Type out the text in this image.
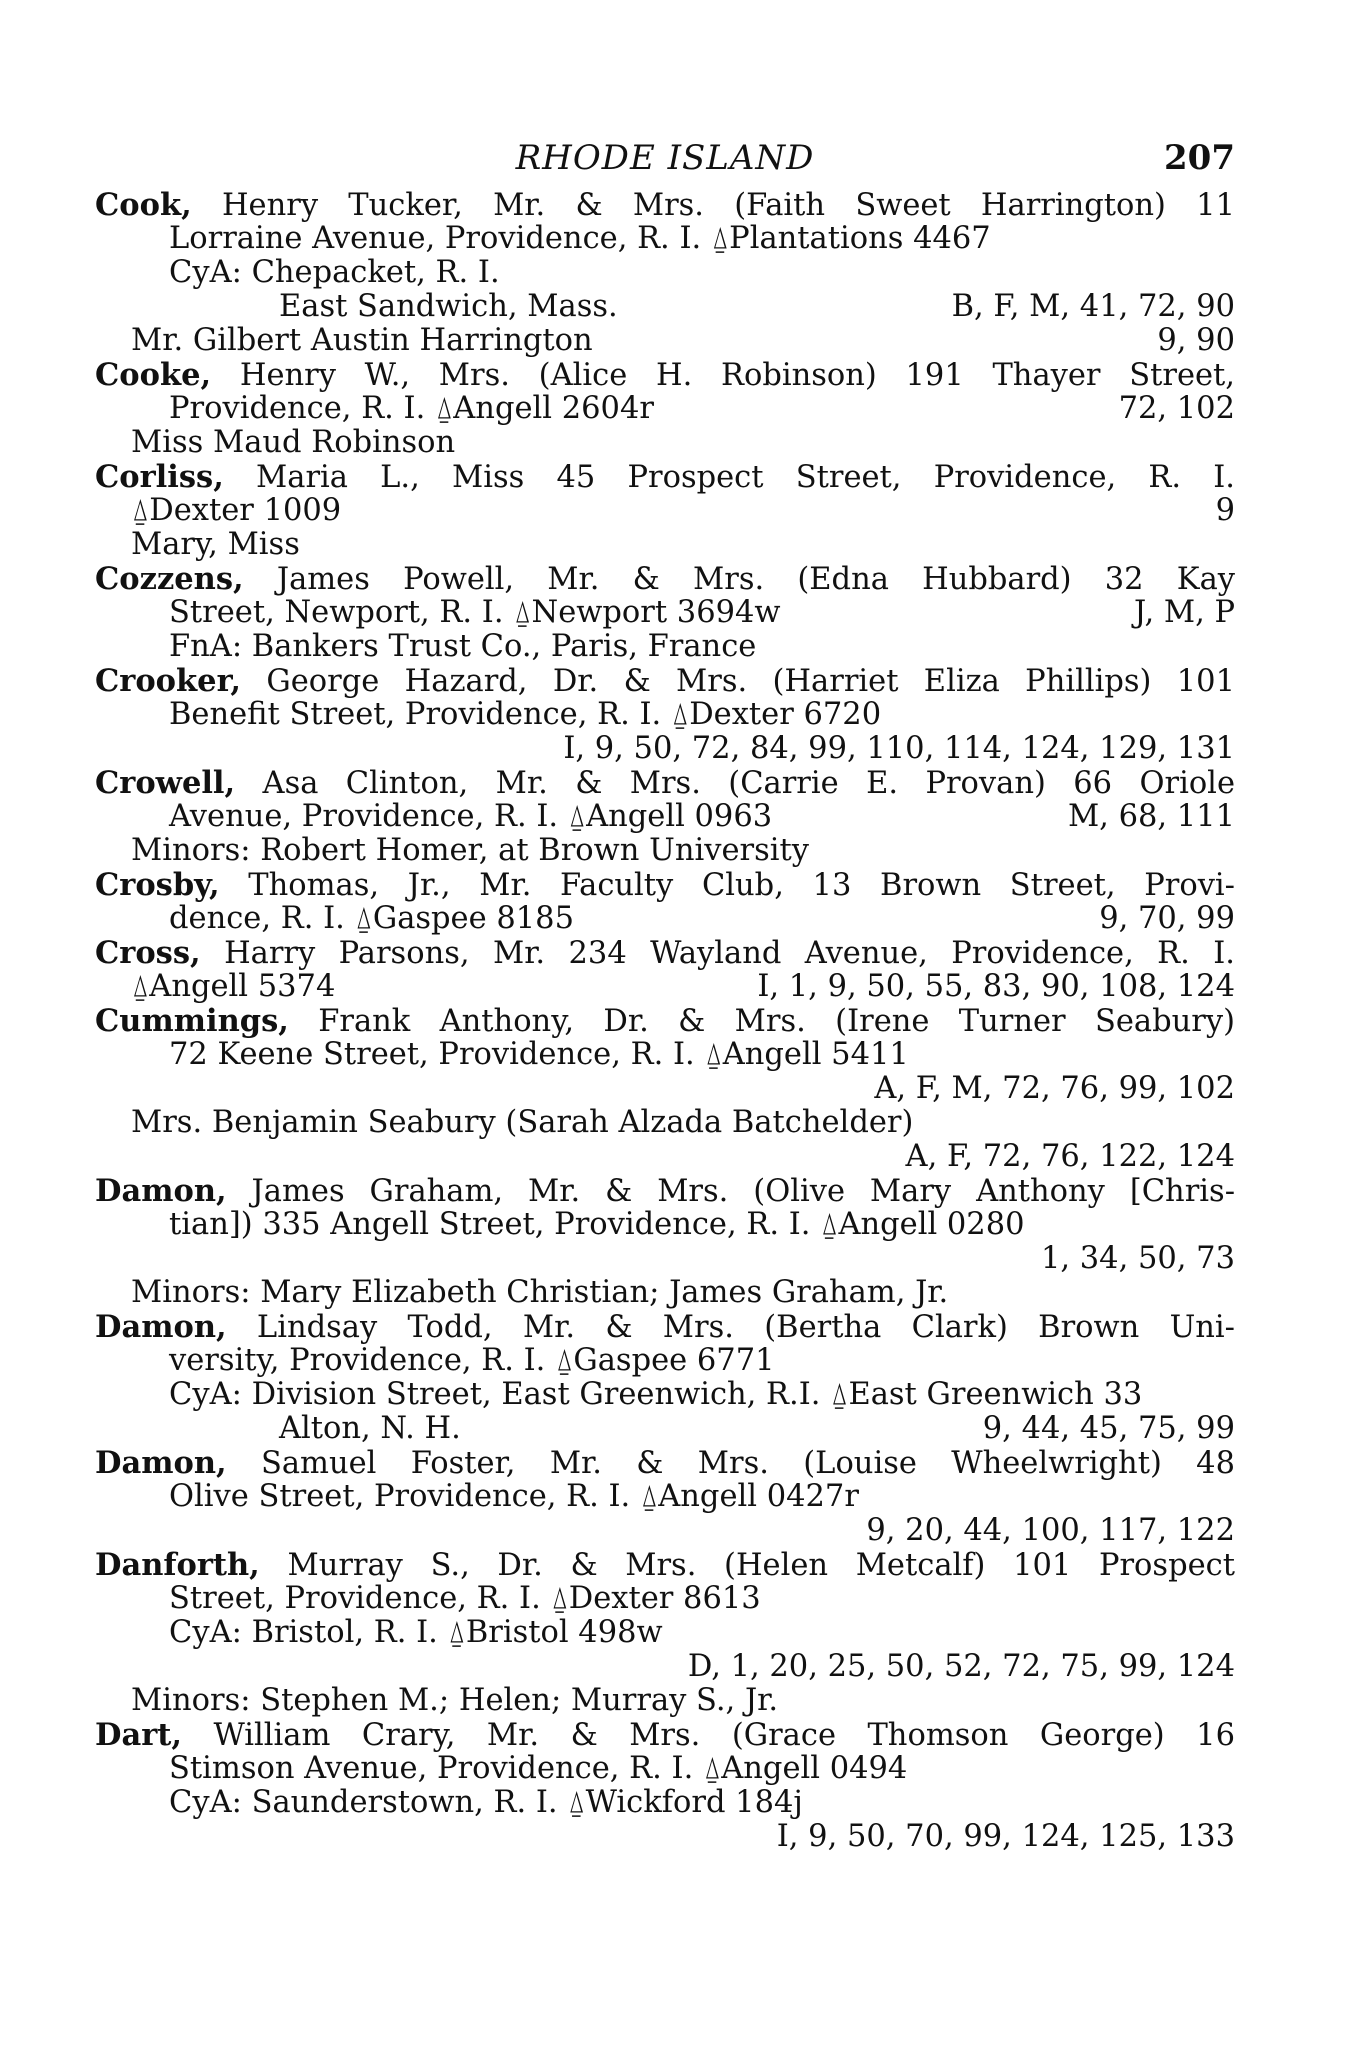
RHODE ISLAND	207
Cook, Henry Tucker, Mr. & Mrs. (Faith Sweet Harrington) 11
Lorraine Avenue, Providence, R. I. ⍙Plantations 4467
CyA: Chepacket, R. I.
East Sandwich, Mass.	B, F, M, 41, 72, 90
Mr. Gilbert Austin Harrington	9, 90
Cooke, Henry W., Mrs. (Alice H. Robinson) 191 Thayer Street,
Providence, R. I. ⍙Angell 2604r	72, 102
Miss Maud Robinson
Corliss, Maria L., Miss 45 Prospect Street, Providence, R. I.
⍙Dexter 1009	9
Mary, Miss
Cozzens, James Powell, Mr. & Mrs. (Edna Hubbard) 32 Kay
Street, Newport, R. I. ⍙Newport 3694w	J, M, P
FnA: Bankers Trust Co., Paris, France
Crooker, George Hazard, Dr. & Mrs. (Harriet Eliza Phillips) 101
Benefit Street, Providence, R. I. ⍙Dexter 6720
I, 9, 50, 72, 84, 99, 110, 114, 124, 129, 131
Crowell, Asa Clinton, Mr. & Mrs. (Carrie E. Provan) 66 Oriole
Avenue, Providence, R. I. ⍙Angell 0963	M, 68, 111
Minors: Robert Homer, at Brown University
Crosby, Thomas, Jr., Mr. Faculty Club, 13 Brown Street, Provi-
dence, R. I. ⍙Gaspee 8185	9, 70, 99
Cross, Harry Parsons, Mr. 234 Wayland Avenue, Providence, R. I.
⍙Angell 5374	I, 1, 9, 50, 55, 83, 90, 108, 124
Cummings, Frank Anthony, Dr. & Mrs. (Irene Turner Seabury)
72 Keene Street, Providence, R. I. ⍙Angell 5411
A, F, M, 72, 76, 99, 102
Mrs. Benjamin Seabury (Sarah Alzada Batchelder)
A, F, 72, 76, 122, 124
Damon, James Graham, Mr. & Mrs. (Olive Mary Anthony [Chris-
tian]) 335 Angell Street, Providence, R. I. ⍙Angell 0280
1, 34, 50, 73
Minors: Mary Elizabeth Christian; James Graham, Jr.
Damon, Lindsay Todd, Mr. & Mrs. (Bertha Clark) Brown Uni-
versity, Providence, R. I. ⍙Gaspee 6771
CyA: Division Street, East Greenwich, R.I. ⍙East Greenwich 33
Alton, N. H.	9, 44, 45, 75, 99
Damon, Samuel Foster, Mr. & Mrs. (Louise Wheelwright) 48
Olive Street, Providence, R. I. ⍙Angell 0427r
9, 20, 44, 100, 117, 122
Danforth, Murray S., Dr. & Mrs. (Helen Metcalf) 101 Prospect
Street, Providence, R. I. ⍙Dexter 8613
CyA: Bristol, R. I. ⍙Bristol 498w
D, 1, 20, 25, 50, 52, 72, 75, 99, 124
Minors: Stephen M.; Helen; Murray S., Jr.
Dart, William Crary, Mr. & Mrs. (Grace Thomson George) 16
Stimson Avenue, Providence, R. I. ⍙Angell 0494
CyA: Saunderstown, R. I. ⍙Wickford 184j
I, 9, 50, 70, 99, 124, 125, 133
